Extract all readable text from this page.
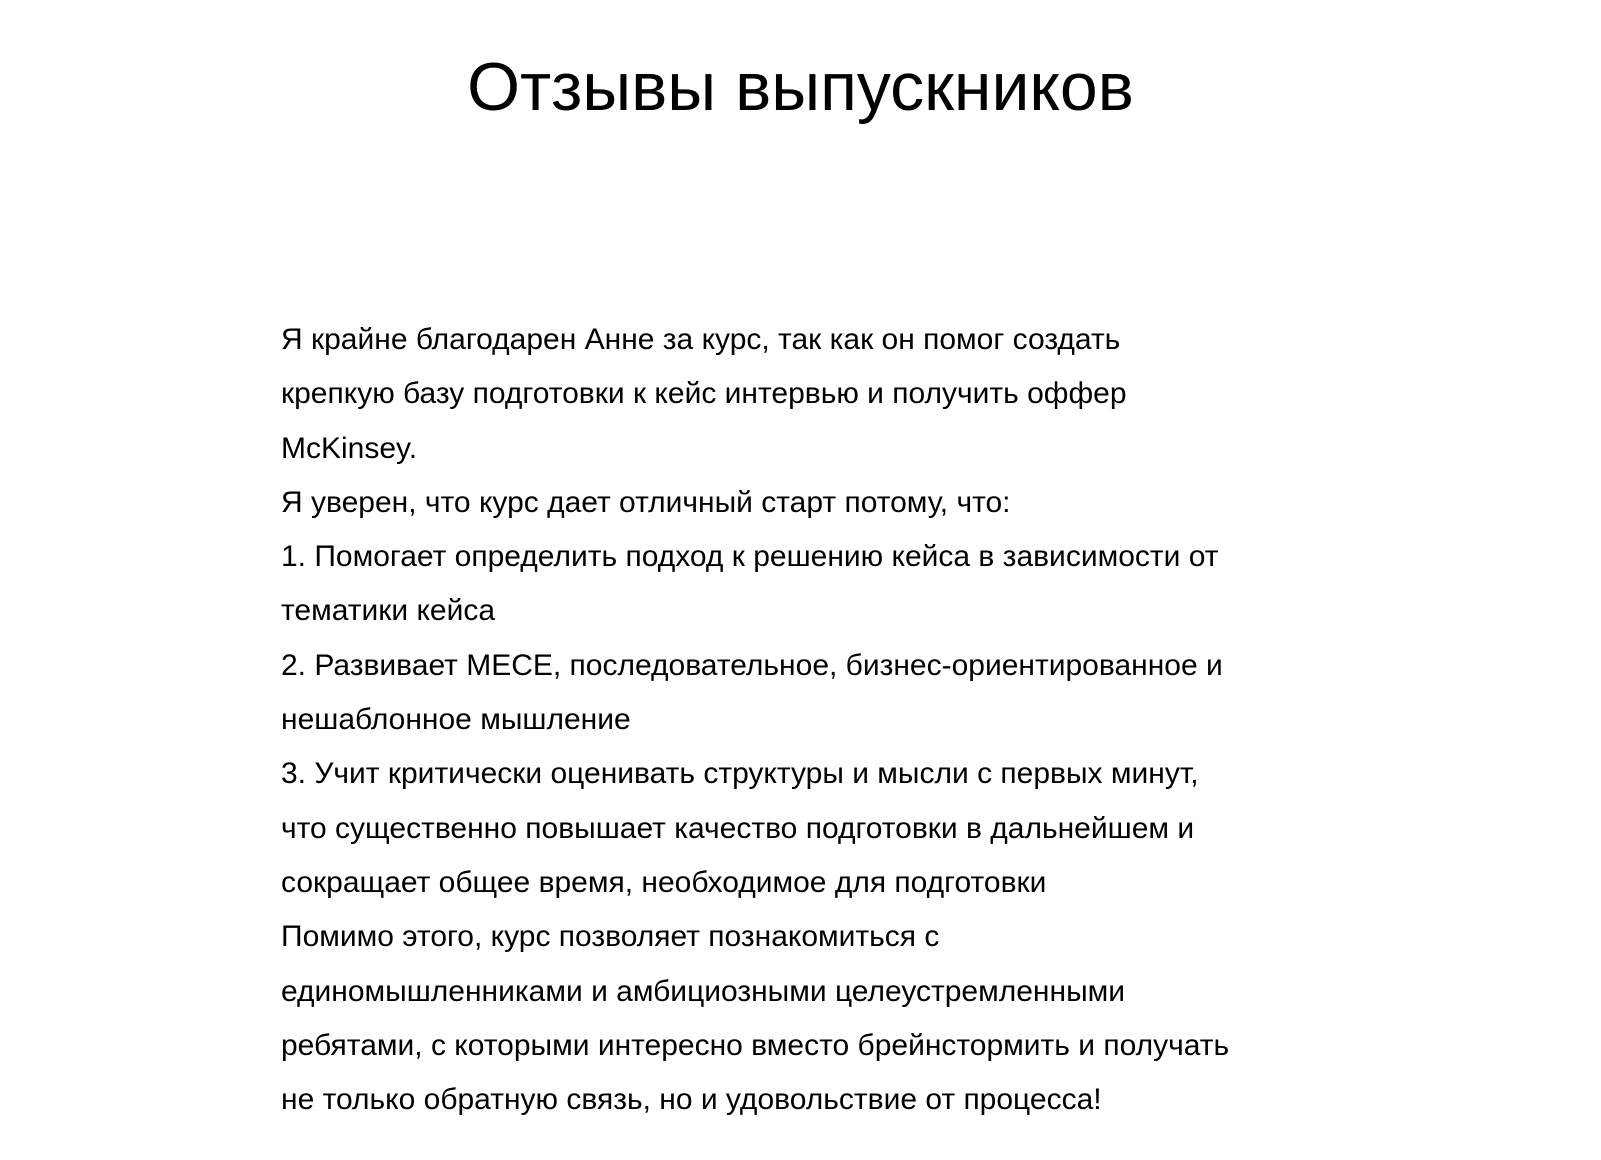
Отзывы выпускников
Я крайне благодарен Анне за курс, так как он помог создать
крепкую базу подготовки к кейс интервью и получить оффер
McKinsey.
Я уверен, что курс дает отличный старт потому, что:
1. Помогает определить подход к решению кейса в зависимости от
тематики кейса
2. Развивает MECE, последовательное, бизнес-ориентированное и
нешаблонное мышление
3. Учит критически оценивать структуры и мысли с первых минут,
что существенно повышает качество подготовки в дальнейшем и
сокращает общее время, необходимое для подготовки
Помимо этого, курс позволяет познакомиться с
единомышленниками и амбициозными целеустремленными
ребятами, с которыми интересно вместо брейнстормить и получать
не только обратную связь, но и удовольствие от процесса!
